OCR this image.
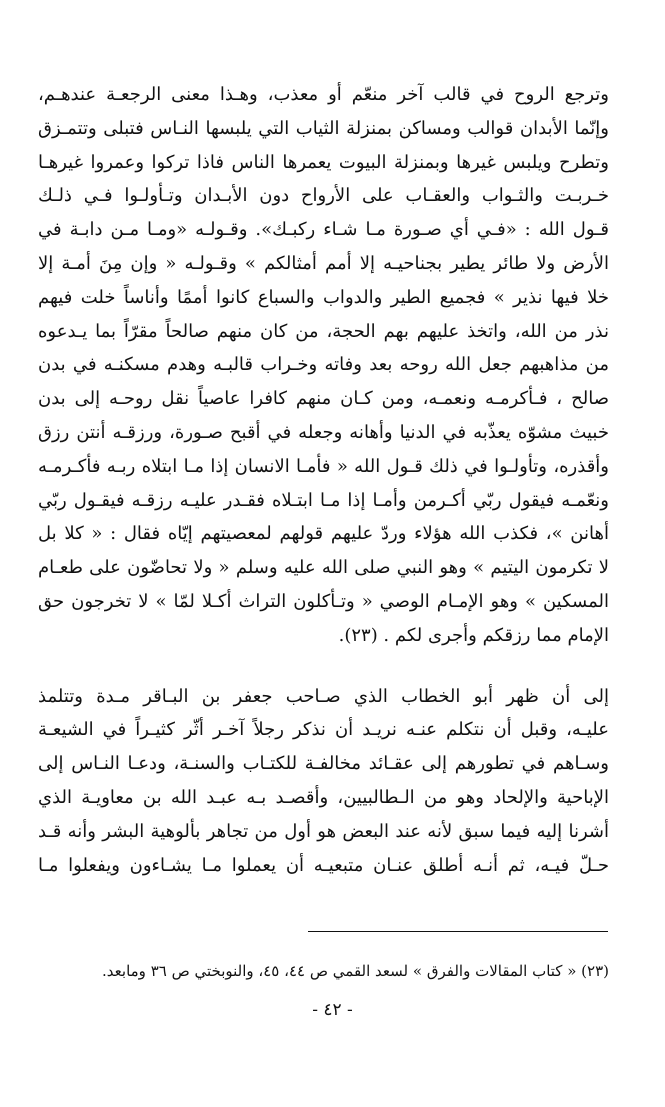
وترجع الروح في قالب آخر منعّم أو معذب، وهـذا معنى الرجعـة عندهـم،
وإنّما الأبدان قوالب ومساكن بمنزلة الثياب التي يلبسها النـاس فتبلى وتتمـزق
وتطرح ويلبس غيرها وبمنزلة البيوت يعمرها الناس فاذا تركوا وعمروا غيرهـا
خـربـت والثـواب والعقـاب على الأرواح دون الأبـدان وتـأولـوا فـي ذلـك
قـول الله : «فـي أي صـورة مـا شـاء ركبـك». وقـولـه «ومـا مـن دابـة في
الأرض ولا طائر يطير بجناحيـه إلا أمم أمثالكم » وقـولـه « وإن مِنَ أمـة إلا
خلا فيها نذير » فجميع الطير والدواب والسباع كانوا أممًا وأناساً خلت فيهم
نذر من الله، واتخذ عليهم بهم الحجة، من كان منهم صالحاً مقرّاً بما يـدعوه
من مذاهبهم جعل الله روحه بعد وفاته وخـراب قالبـه وهدم مسكنـه في بدن
صالح ، فـأكرمـه ونعمـه، ومن كـان منهم كافرا عاصياً نقل روحـه إلى بدن
خبيث مشوّه يعذّبه في الدنيا وأهانه وجعله في أقبح صـورة، ورزقـه أنتن رزق
وأقذره، وتأولـوا في ذلك قـول الله « فأمـا الانسان إذا مـا ابتلاه ربـه فأكـرمـه
ونعّمـه فيقول ربّي أكـرمن وأمـا إذا مـا ابتـلاه فقـدر عليـه رزقـه فيقـول ربّي
أهانن »، فكذب الله هؤلاء وردّ عليهم قولهم لمعصيتهم إيّاه فقال : « كلا بل
لا تكرمون اليتيم » وهو النبي صلى الله عليه وسلم « ولا تحاضّون على طعـام
المسكين » وهو الإمـام الوصي « وتـأكلون التراث أكـلا لمّا » لا تخرجون حق
الإمام مما رزقكم وأجرى لكم . (٢٣).
إلى أن ظهر أبو الخطاب الذي صـاحب جعفر بن البـاقر مـدة وتتلمذ
عليـه، وقبل أن نتكلم عنـه نريـد أن نذكر رجلاً آخـر أثّر كثيـراً في الشيعـة
وسـاهم في تطورهم إلى عقـائد مخالفـة للكتـاب والسنـة، ودعـا النـاس إلى
الإباحية والإلحاد وهو من الـطالبيين، وأقصـد بـه عبـد الله بن معاويـة الذي
أشرنا إليه فيما سبق لأنه عند البعض هو أول من تجاهر بألوهية البشر وأنه قـد
حـلّ فيـه، ثم أنـه أطلق عنـان متبعيـه أن يعملوا مـا يشـاءون ويفعلوا مـا
(٢٣) « كتاب المقالات والفرق » لسعد القمي ص ٤٤، ٤٥، والنوبختي ص ٣٦ ومابعد.
- ٤٢ -
